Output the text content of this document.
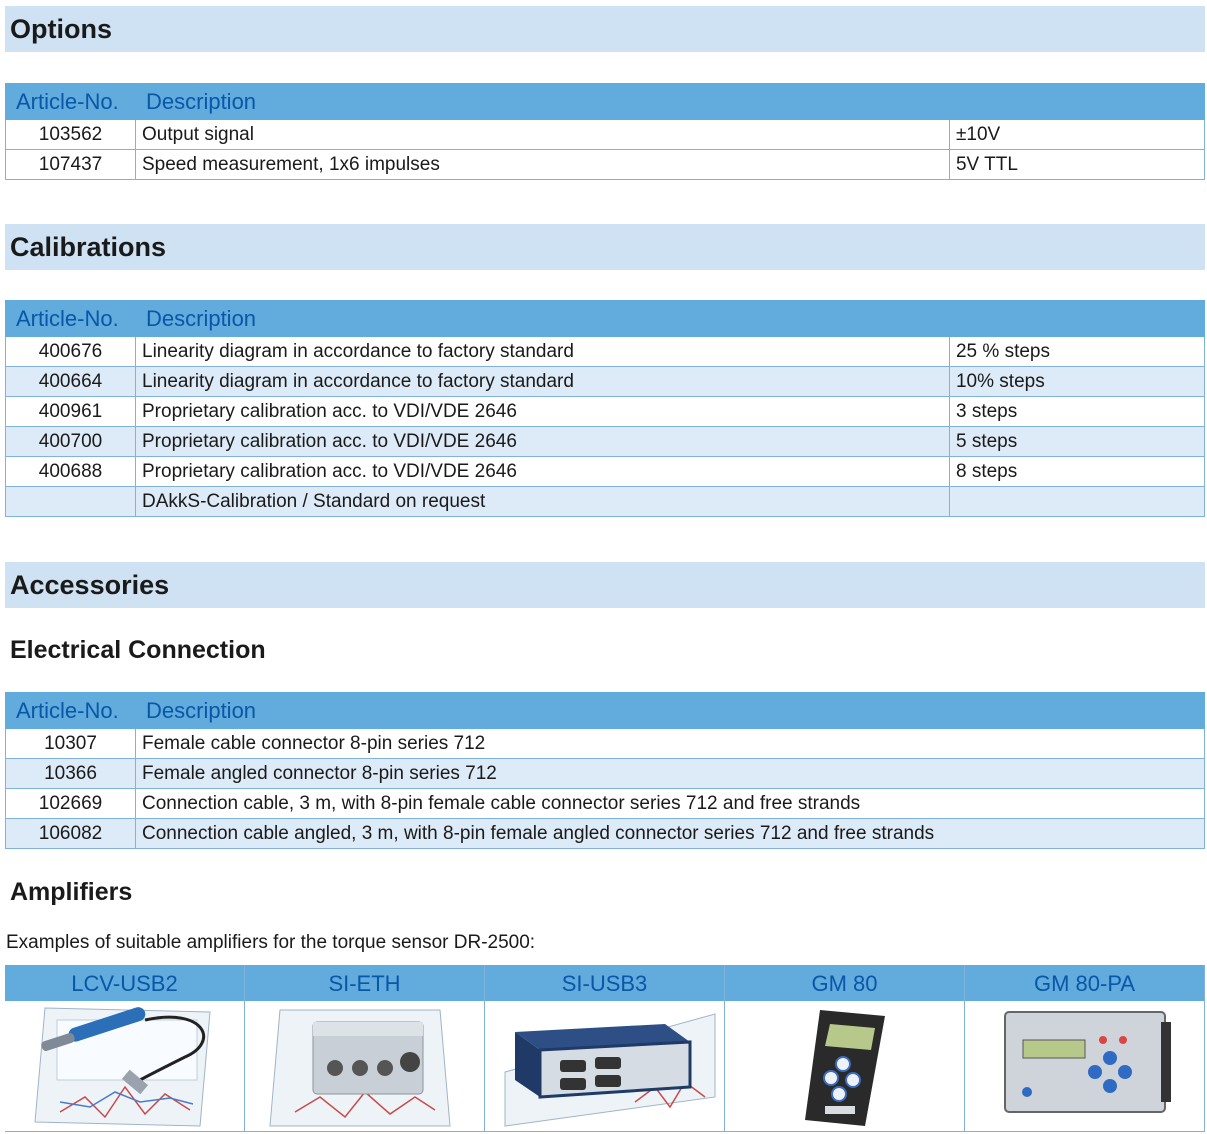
Options
Article-No.	Description	
103562	Output signal	±10V
107437	Speed measurement, 1x6 impulses	5V TTL
Calibrations
Article-No.	Description	
400676	Linearity diagram in accordance to factory standard	25 % steps
400664	Linearity diagram in accordance to factory standard	10% steps
400961	Proprietary calibration acc. to VDI/VDE 2646	3 steps
400700	Proprietary calibration acc. to VDI/VDE 2646	5 steps
400688	Proprietary calibration acc. to VDI/VDE 2646	8 steps
	DAkkS-Calibration / Standard on request	
Accessories
Electrical Connection
Article-No.	Description
10307	Female cable connector 8-pin series 712
10366	Female angled connector 8-pin series 712
102669	Connection cable, 3 m, with 8-pin female cable connector series 712 and free strands
106082	Connection cable angled, 3 m, with 8-pin female angled connector series 712 and free strands
Amplifiers
Examples of suitable amplifiers for the torque sensor DR-2500:
LCV-USB2	SI-ETH	SI-USB3	GM 80	GM 80-PA
